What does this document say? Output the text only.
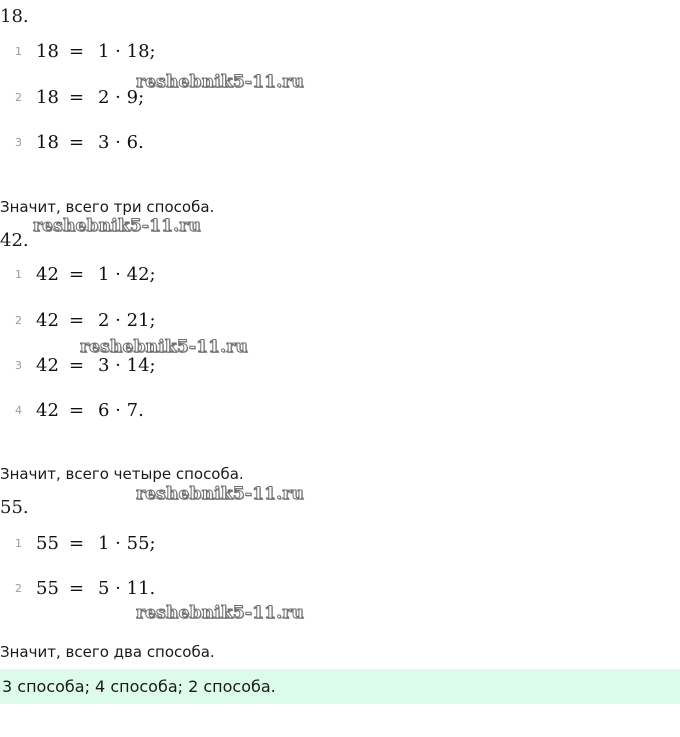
18.
1 18 = 1 · 18;
2 18 = 2 · 9;
3 18 = 3 · 6.
Значит, всего три способа.
42.
1 42 = 1 · 42;
2 42 = 2 · 21;
3 42 = 3 · 14;
4 42 = 6 · 7.
Значит, всего четыре способа.
55.
1 55 = 1 · 55;
2 55 = 5 · 11.
Значит, всего два способа.
3 способа; 4 способа; 2 способа.
reshebnik5-11.ru
reshebnik5-11.ru
reshebnik5-11.ru
reshebnik5-11.ru
reshebnik5-11.ru
